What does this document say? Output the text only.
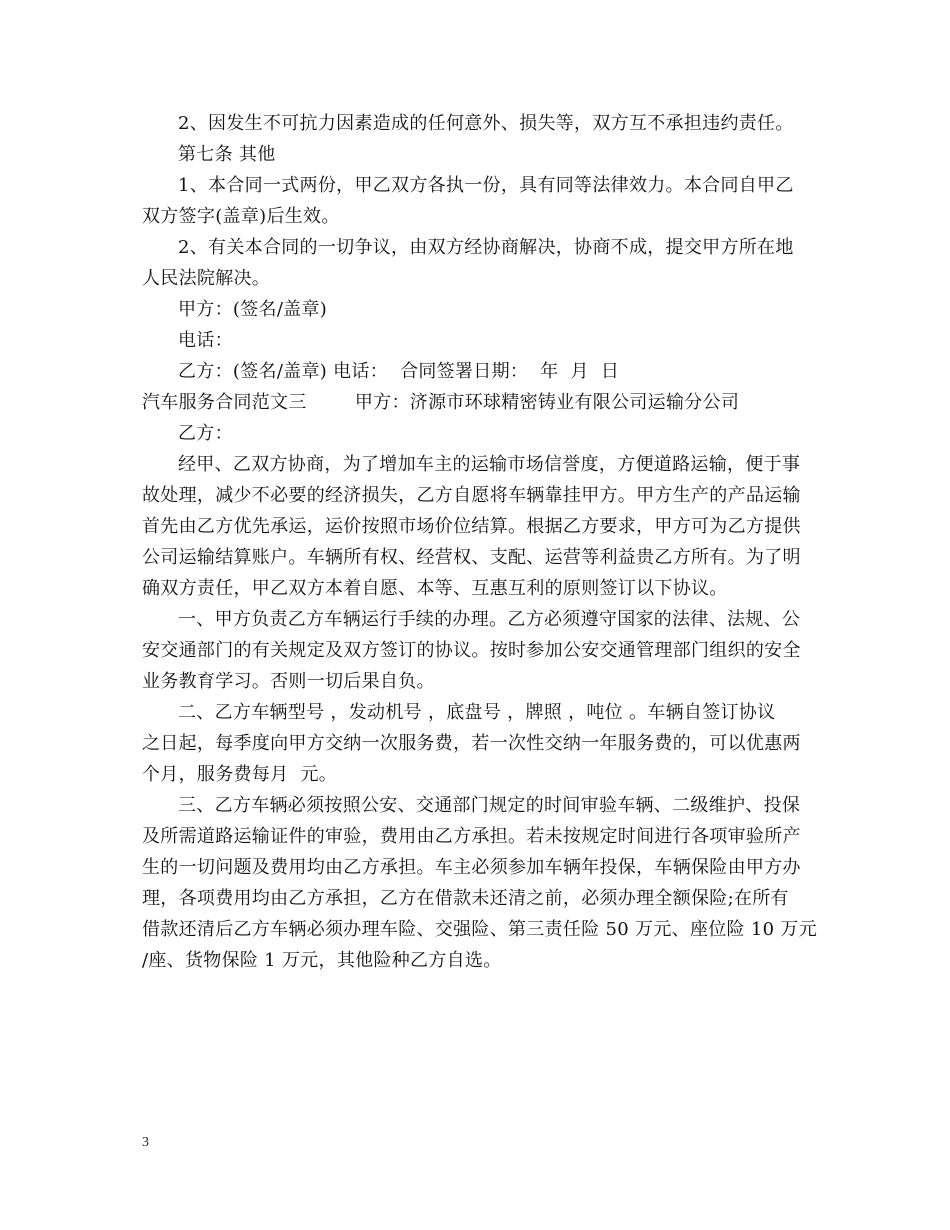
2、因发生不可抗力因素造成的任何意外、损失等，双方互不承担违约责任。
第七条 其他
1、本合同一式两份，甲乙双方各执一份，具有同等法律效力。本合同自甲乙
双方签字(盖章)后生效。
2、有关本合同的一切争议，由双方经协商解决，协商不成，提交甲方所在地
人民法院解决。
甲方：(签名/盖章)
电话：
乙方：(签名/盖章) 电话：  合同签署日期：  年  月  日
汽车服务合同范文三        甲方：济源市环球精密铸业有限公司运输分公司
乙方：
经甲、乙双方协商，为了增加车主的运输市场信誉度，方便道路运输，便于事
故处理，减少不必要的经济损失，乙方自愿将车辆靠挂甲方。甲方生产的产品运输
首先由乙方优先承运，运价按照市场价位结算。根据乙方要求，甲方可为乙方提供
公司运输结算账户。车辆所有权、经营权、支配、运营等利益贵乙方所有。为了明
确双方责任，甲乙双方本着自愿、本等、互惠互利的原则签订以下协议。
一、甲方负责乙方车辆运行手续的办理。乙方必须遵守国家的法律、法规、公
安交通部门的有关规定及双方签订的协议。按时参加公安交通管理部门组织的安全
业务教育学习。否则一切后果自负。
二、乙方车辆型号 ，发动机号 ，底盘号 ，牌照 ，吨位 。车辆自签订协议
之日起，每季度向甲方交纳一次服务费，若一次性交纳一年服务费的，可以优惠两
个月，服务费每月  元。
三、乙方车辆必须按照公安、交通部门规定的时间审验车辆、二级维护、投保
及所需道路运输证件的审验，费用由乙方承担。若未按规定时间进行各项审验所产
生的一切问题及费用均由乙方承担。车主必须参加车辆年投保，车辆保险由甲方办
理，各项费用均由乙方承担，乙方在借款未还清之前，必须办理全额保险;在所有
借款还清后乙方车辆必须办理车险、交强险、第三责任险 50 万元、座位险 10 万元
/座、货物保险 1 万元，其他险种乙方自选。
3
